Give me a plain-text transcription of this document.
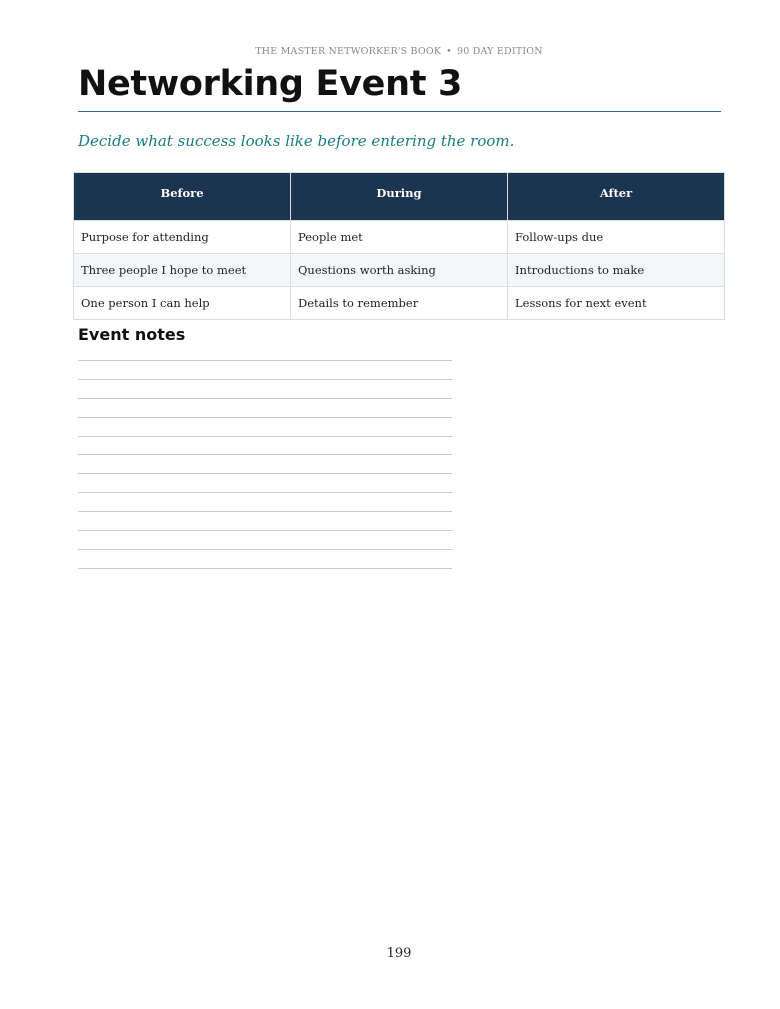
THE MASTER NETWORKER'S BOOK • 90 DAY EDITION
Networking Event 3

Decide what success looks like before entering the room.

Before	During	After
Purpose for attending	People met	Follow-ups due
Three people I hope to meet	Questions worth asking	Introductions to make
One person I can help	Details to remember	Lessons for next event
Event notes
199
